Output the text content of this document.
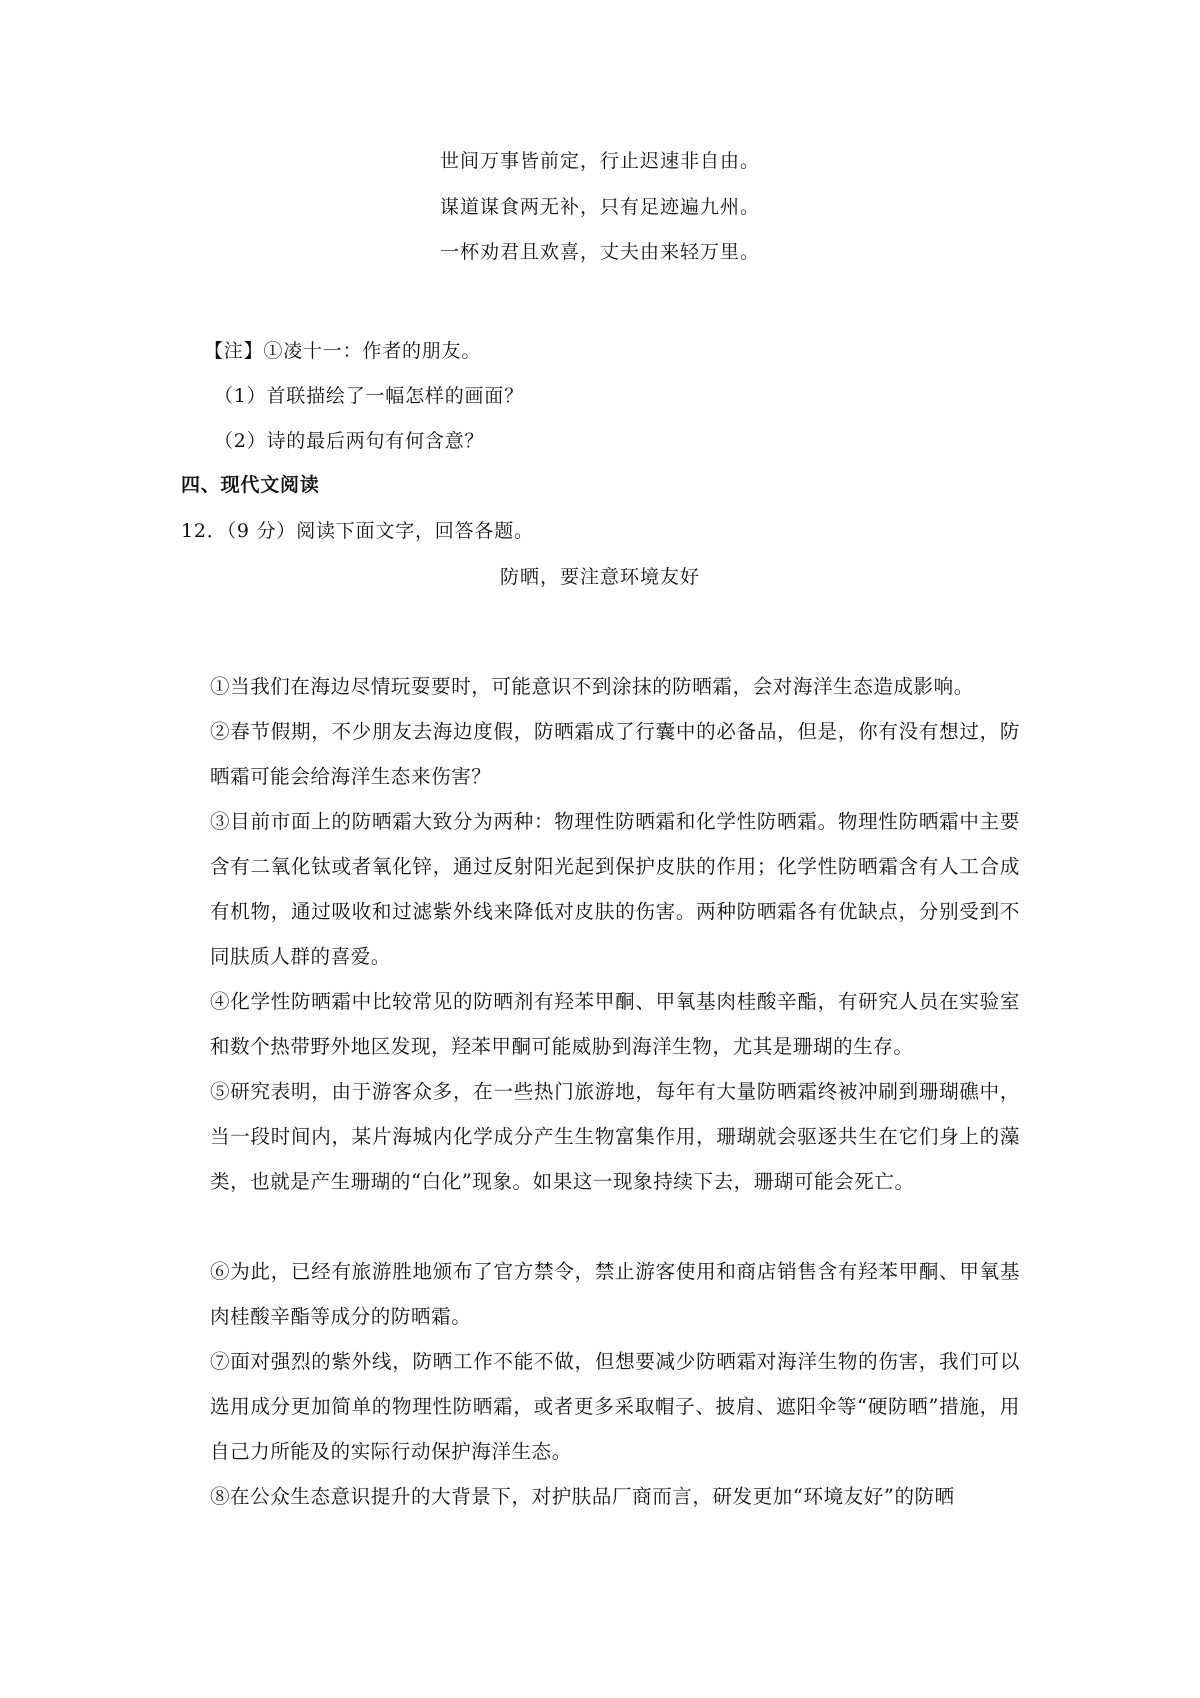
世间万事皆前定，行止迟速非自由。
谋道谋食两无补，只有足迹遍九州。
一杯劝君且欢喜，丈夫由来轻万里。
【注】①凌十一：作者的朋友。
（1）首联描绘了一幅怎样的画面？
（2）诗的最后两句有何含意？
四、现代文阅读
12．（9 分）阅读下面文字，回答各题。
防晒，要注意环境友好
①当我们在海边尽情玩耍要时，可能意识不到涂抹的防晒霜，会对海洋生态造成影响。
②春节假期，不少朋友去海边度假，防晒霜成了行囊中的必备品，但是，你有没有想过，防晒霜可能会给海洋生态来伤害？
③目前市面上的防晒霜大致分为两种：物理性防晒霜和化学性防晒霜。物理性防晒霜中主要含有二氧化钛或者氧化锌，通过反射阳光起到保护皮肤的作用；化学性防晒霜含有人工合成有机物，通过吸收和过滤紫外线来降低对皮肤的伤害。两种防晒霜各有优缺点，分别受到不同肤质人群的喜爱。
④化学性防晒霜中比较常见的防晒剂有羟苯甲酮、甲氧基肉桂酸辛酯，有研究人员在实验室和数个热带野外地区发现，羟苯甲酮可能威胁到海洋生物，尤其是珊瑚的生存。
⑤研究表明，由于游客众多，在一些热门旅游地，每年有大量防晒霜终被冲刷到珊瑚礁中，当一段时间内，某片海城内化学成分产生生物富集作用，珊瑚就会驱逐共生在它们身上的藻类，也就是产生珊瑚的“白化”现象。如果这一现象持续下去，珊瑚可能会死亡。
⑥为此，已经有旅游胜地颁布了官方禁令，禁止游客使用和商店销售含有羟苯甲酮、甲氧基肉桂酸辛酯等成分的防晒霜。
⑦面对强烈的紫外线，防晒工作不能不做，但想要减少防晒霜对海洋生物的伤害，我们可以选用成分更加简单的物理性防晒霜，或者更多采取帽子、披肩、遮阳伞等“硬防晒”措施，用自己力所能及的实际行动保护海洋生态。
⑧在公众生态意识提升的大背景下，对护肤品厂商而言，研发更加“环境友好”的防晒
